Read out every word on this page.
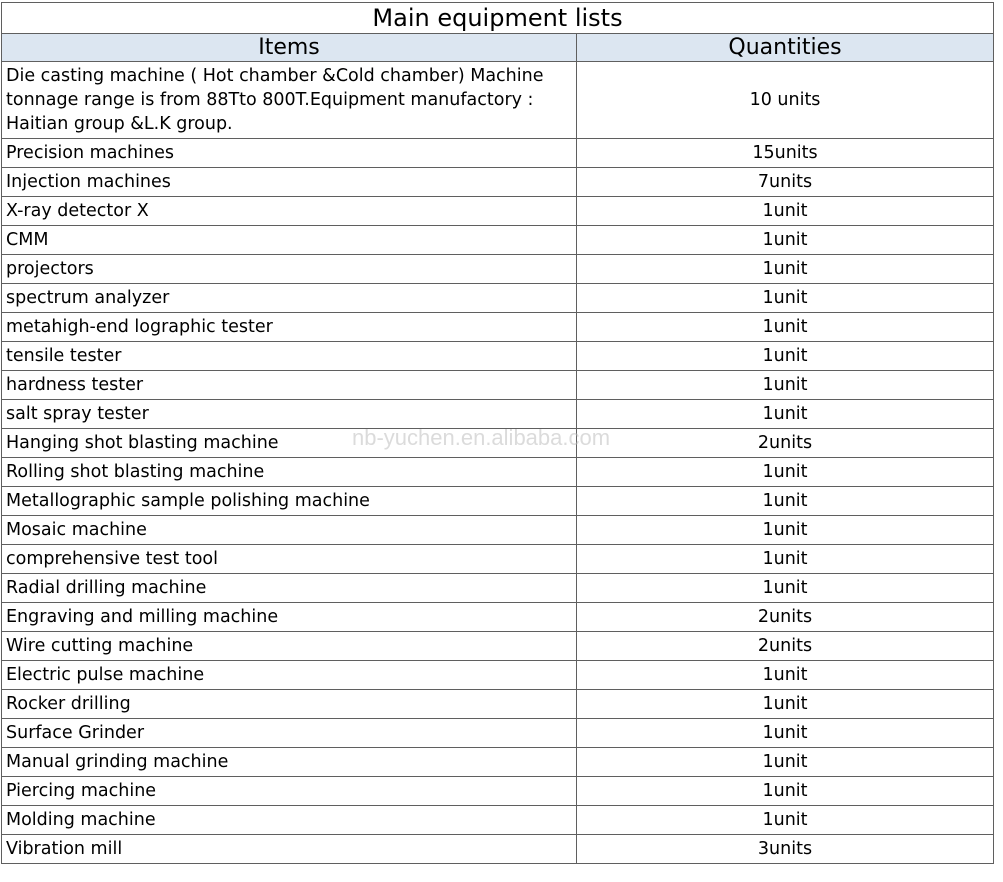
Main equipment lists	
Items	Quantities
Die casting machine ( Hot chamber &Cold chamber) Machine tonnage range is from 88Tto 800T.Equipment manufactory : Haitian group &L.K group.	10 units
Precision machines	15units
Injection machines	7units
X-ray detector X	1unit
CMM	1unit
projectors	1unit
spectrum analyzer	1unit
metahigh-end lographic tester	1unit
tensile tester	1unit
hardness tester	1unit
salt spray tester	1unit
Hanging shot blasting machine	2units
Rolling shot blasting machine	1unit
Metallographic sample polishing machine	1unit
Mosaic machine	1unit
comprehensive test tool	1unit
Radial drilling machine	1unit
Engraving and milling machine	2units
Wire cutting machine	2units
Electric pulse machine	1unit
Rocker drilling	1unit
Surface Grinder	1unit
Manual grinding machine	1unit
Piercing machine	1unit
Molding machine	1unit
Vibration mill	3units
nb-yuchen.en.alibaba.com
